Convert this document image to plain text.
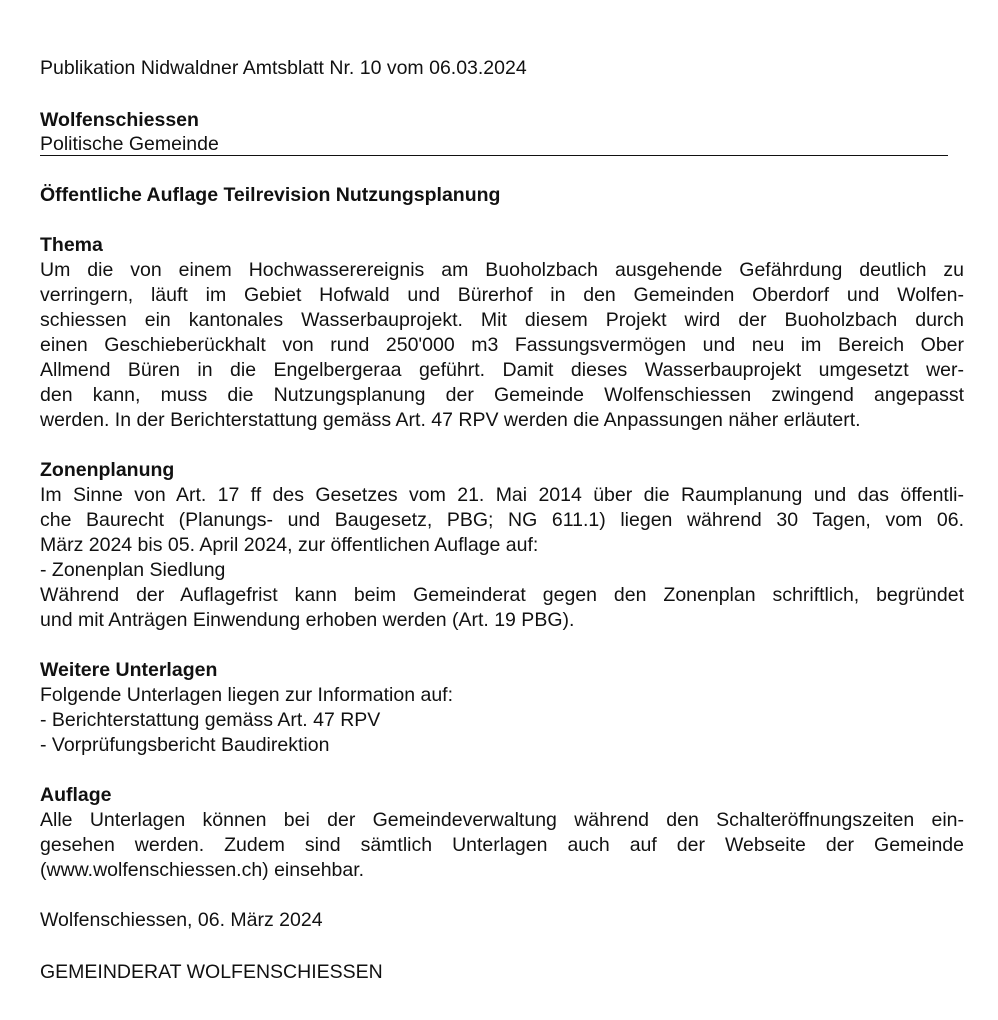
Publikation Nidwaldner Amtsblatt Nr. 10 vom 06.03.2024
Wolfenschiessen
Politische Gemeinde
Öffentliche Auflage Teilrevision Nutzungsplanung
Thema
Um die von einem Hochwasserereignis am Buoholzbach ausgehende Gefährdung deutlich zu
verringern, läuft im Gebiet Hofwald und Bürerhof in den Gemeinden Oberdorf und Wolfen-
schiessen ein kantonales Wasserbauprojekt. Mit diesem Projekt wird der Buoholzbach durch
einen Geschieberückhalt von rund 250'000 m3 Fassungsvermögen und neu im Bereich Ober
Allmend Büren in die Engelbergeraa geführt. Damit dieses Wasserbauprojekt umgesetzt wer-
den kann, muss die Nutzungsplanung der Gemeinde Wolfenschiessen zwingend angepasst
werden. In der Berichterstattung gemäss Art. 47 RPV werden die Anpassungen näher erläutert.
Zonenplanung
Im Sinne von Art. 17 ff des Gesetzes vom 21. Mai 2014 über die Raumplanung und das öffentli-
che Baurecht (Planungs- und Baugesetz, PBG; NG 611.1) liegen während 30 Tagen, vom 06.
März 2024 bis 05. April 2024, zur öffentlichen Auflage auf:
- Zonenplan Siedlung
Während der Auflagefrist kann beim Gemeinderat gegen den Zonenplan schriftlich, begründet
und mit Anträgen Einwendung erhoben werden (Art. 19 PBG).
Weitere Unterlagen
Folgende Unterlagen liegen zur Information auf:
- Berichterstattung gemäss Art. 47 RPV
- Vorprüfungsbericht Baudirektion
Auflage
Alle Unterlagen können bei der Gemeindeverwaltung während den Schalteröffnungszeiten ein-
gesehen werden. Zudem sind sämtlich Unterlagen auch auf der Webseite der Gemeinde
(www.wolfenschiessen.ch) einsehbar.
Wolfenschiessen, 06. März 2024
GEMEINDERAT WOLFENSCHIESSEN
